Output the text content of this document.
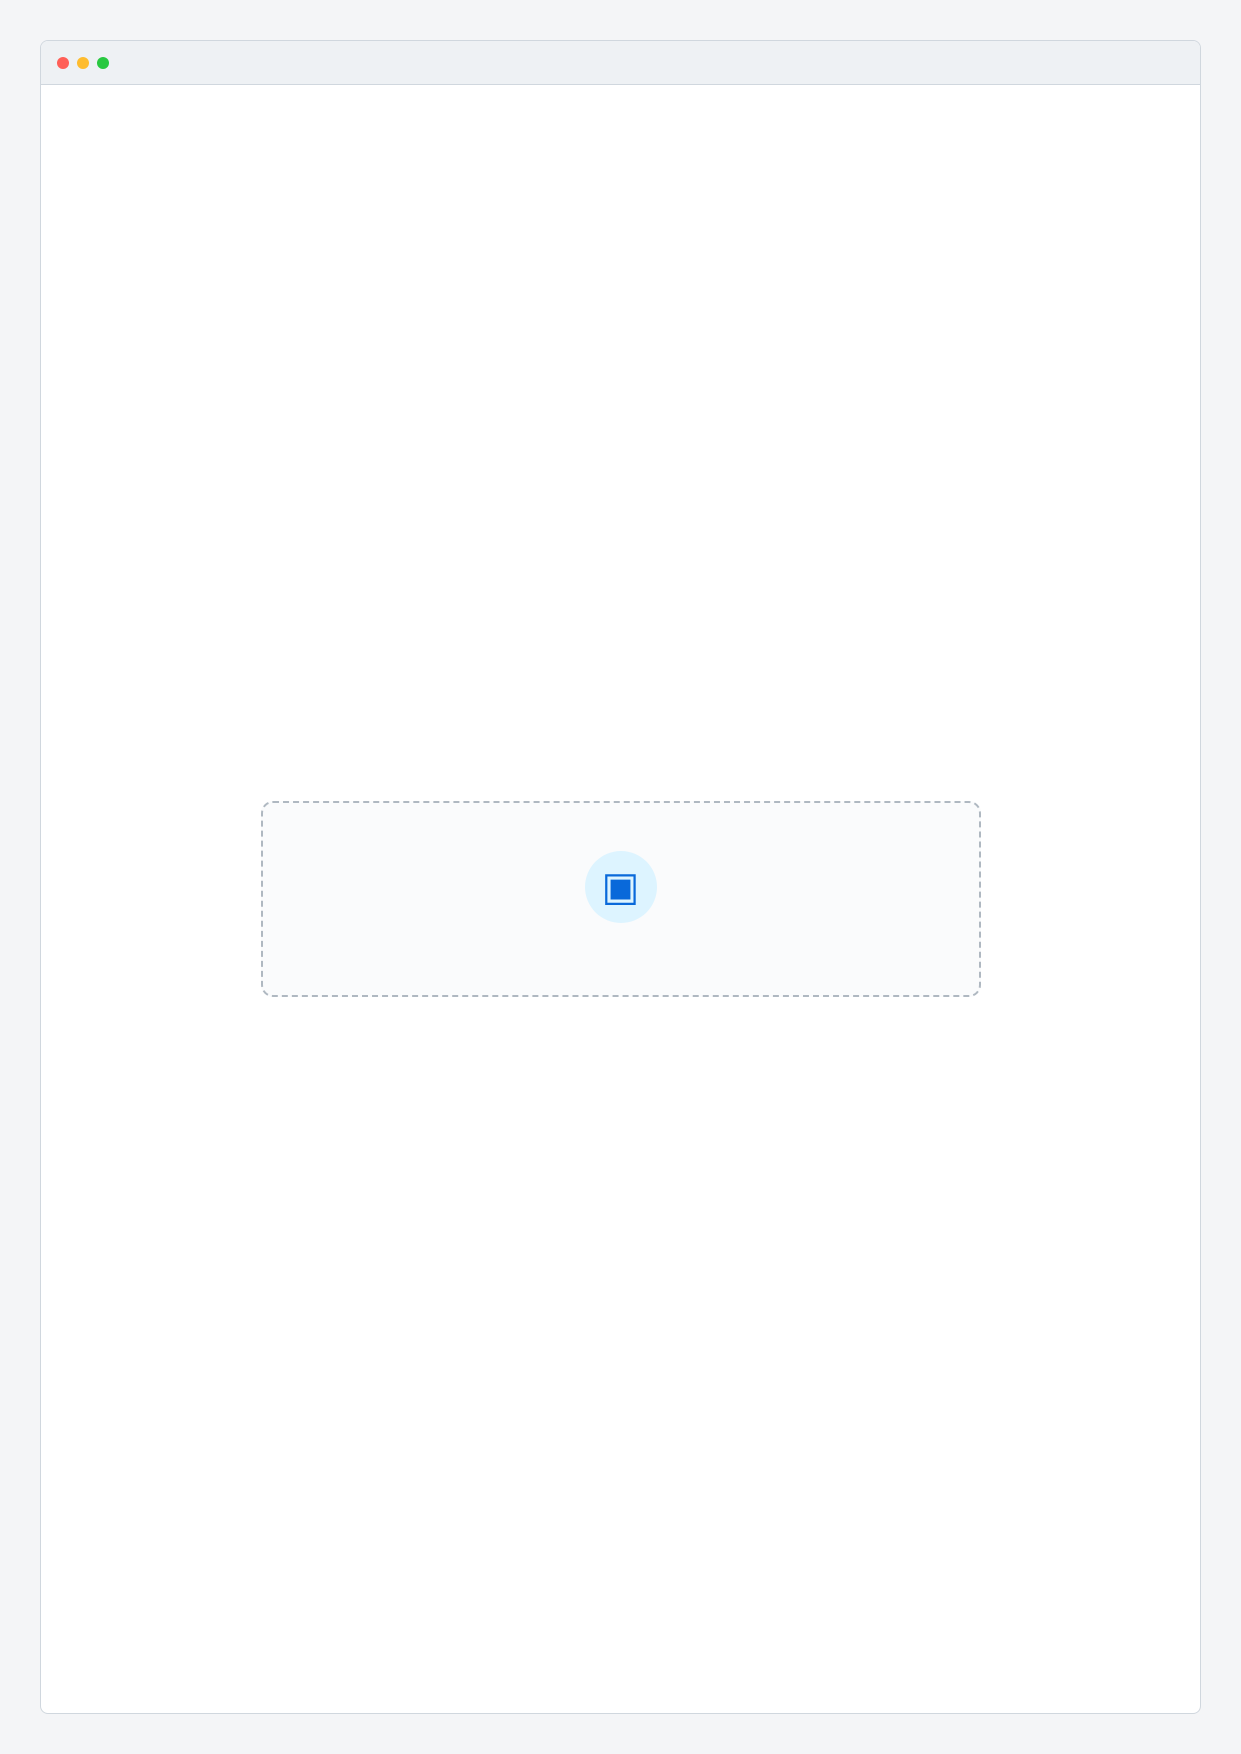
▣
